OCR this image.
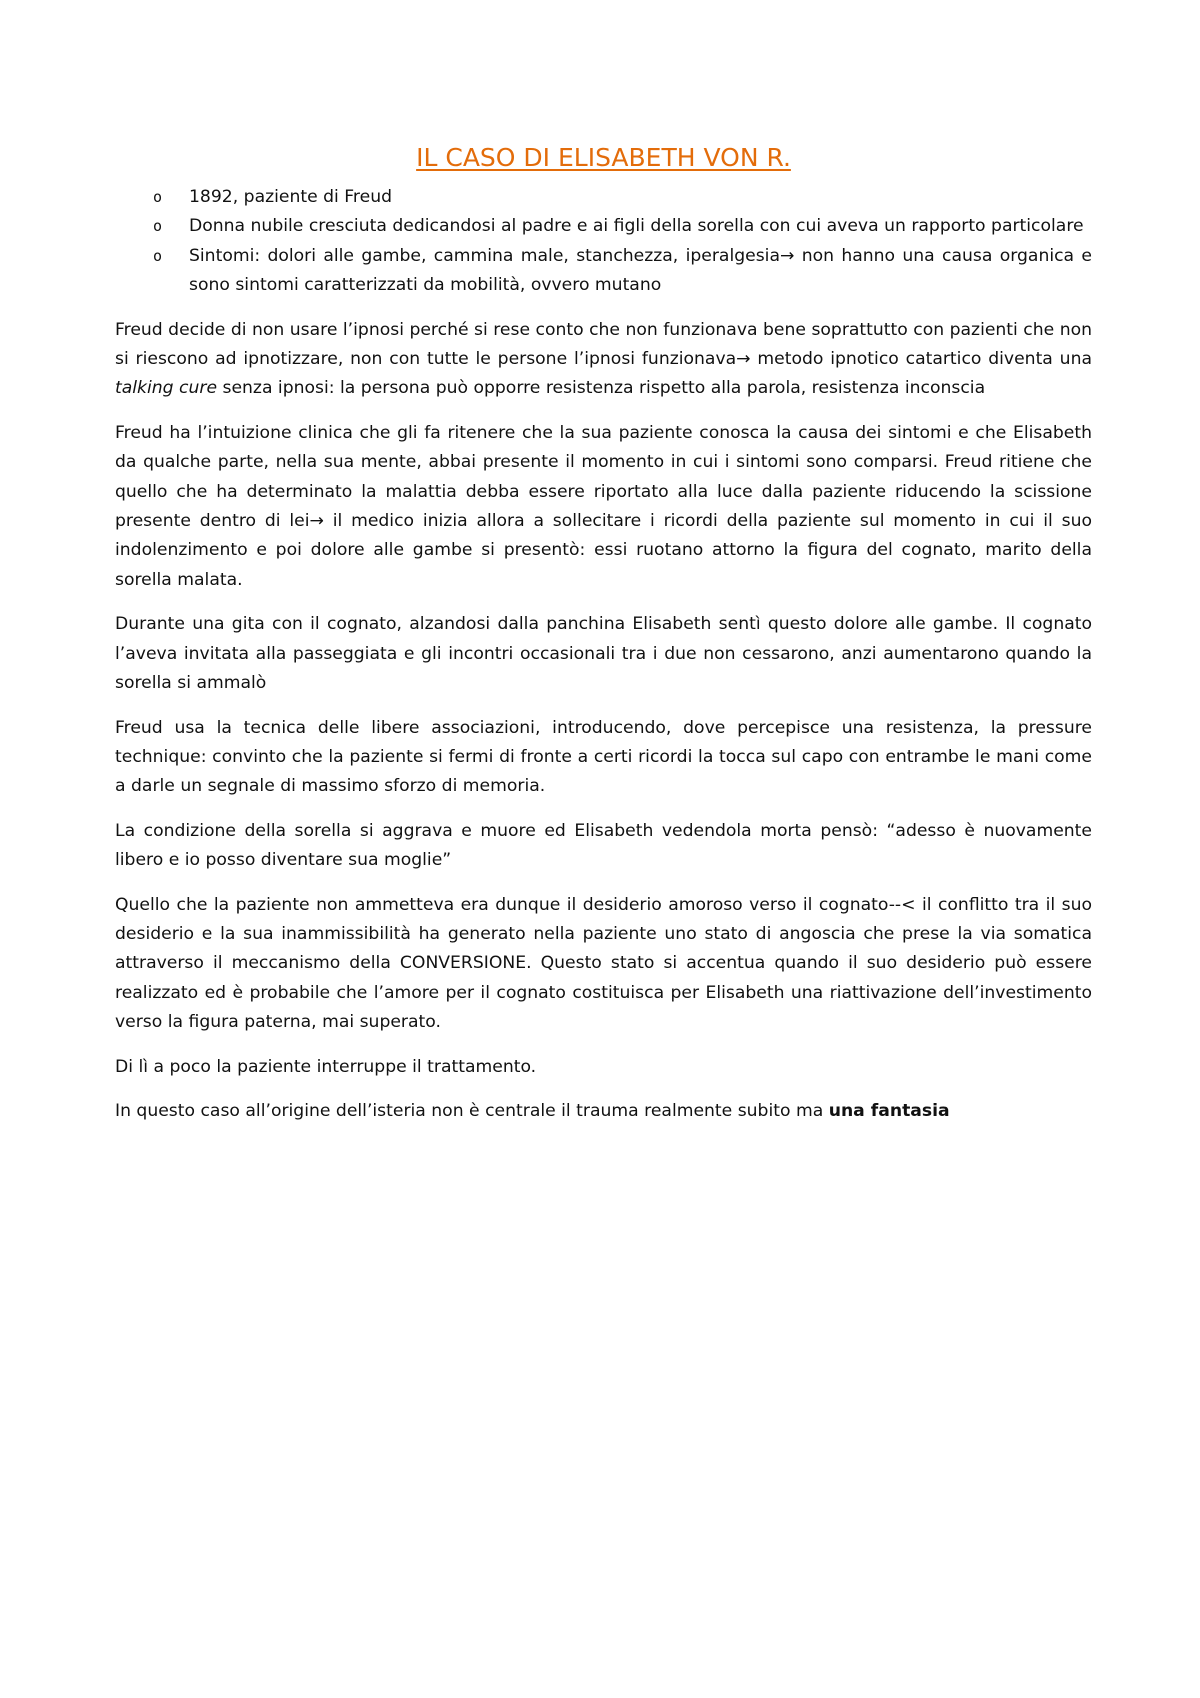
IL CASO DI ELISABETH VON R.
o 1892, paziente di Freud
o Donna nubile cresciuta dedicandosi al padre e ai figli della sorella con cui aveva un rapporto particolare
o Sintomi: dolori alle gambe, cammina male, stanchezza, iperalgesia→ non hanno una causa organica e sono sintomi caratterizzati da mobilità, ovvero mutano

Freud decide di non usare l’ipnosi perché si rese conto che non funzionava bene soprattutto con pazienti che non si riescono ad ipnotizzare, non con tutte le persone l’ipnosi funzionava→ metodo ipnotico catartico diventa una talking cure senza ipnosi: la persona può opporre resistenza rispetto alla parola, resistenza inconscia

Freud ha l’intuizione clinica che gli fa ritenere che la sua paziente conosca la causa dei sintomi e che Elisabeth da qualche parte, nella sua mente, abbai presente il momento in cui i sintomi sono comparsi. Freud ritiene che quello che ha determinato la malattia debba essere riportato alla luce dalla paziente riducendo la scissione presente dentro di lei→ il medico inizia allora a sollecitare i ricordi della paziente sul momento in cui il suo indolenzimento e poi dolore alle gambe si presentò: essi ruotano attorno la figura del cognato, marito della sorella malata.

Durante una gita con il cognato, alzandosi dalla panchina Elisabeth sentì questo dolore alle gambe. Il cognato l’aveva invitata alla passeggiata e gli incontri occasionali tra i due non cessarono, anzi aumentarono quando la sorella si ammalò

Freud usa la tecnica delle libere associazioni, introducendo, dove percepisce una resistenza, la pressure technique: convinto che la paziente si fermi di fronte a certi ricordi la tocca sul capo con entrambe le mani come a darle un segnale di massimo sforzo di memoria.

La condizione della sorella si aggrava e muore ed Elisabeth vedendola morta pensò: “adesso è nuovamente libero e io posso diventare sua moglie”

Quello che la paziente non ammetteva era dunque il desiderio amoroso verso il cognato--< il conflitto tra il suo desiderio e la sua inammissibilità ha generato nella paziente uno stato di angoscia che prese la via somatica attraverso il meccanismo della CONVERSIONE. Questo stato si accentua quando il suo desiderio può essere realizzato ed è probabile che l’amore per il cognato costituisca per Elisabeth una riattivazione dell’investimento verso la figura paterna, mai superato.

Di lì a poco la paziente interruppe il trattamento.

In questo caso all’origine dell’isteria non è centrale il trauma realmente subito ma una fantasia
